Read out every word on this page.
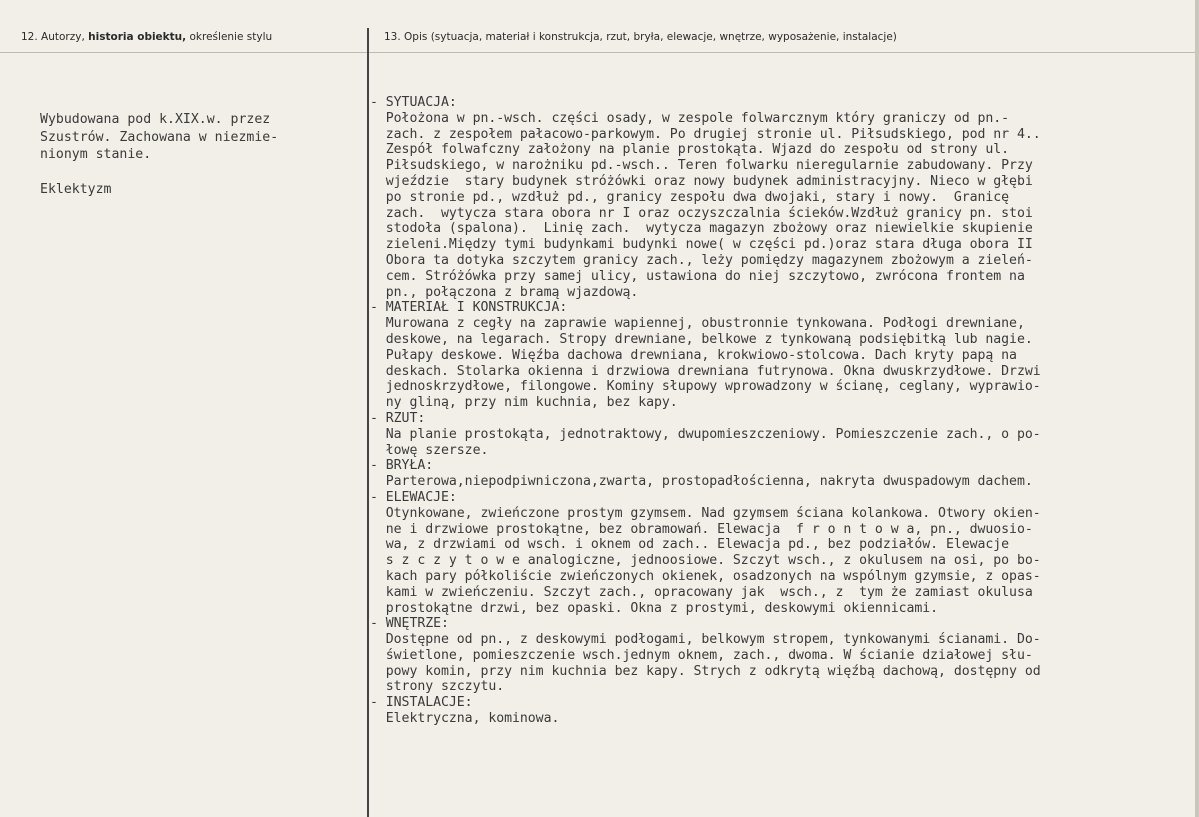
12. Autorzy, historia obiektu, określenie stylu	13. Opis (sytuacja, materiał i konstrukcja, rzut, bryła, elewacje, wnętrze, wyposażenie, instalacje)
Wybudowana pod k.XIX.w. przez
Szustrów. Zachowana w niezmie-
nionym stanie.

Eklektyzm
- SYTUACJA:
Położona w pn.-wsch. części osady, w zespole folwarcznym który graniczy od pn.-
zach. z zespołem pałacowo-parkowym. Po drugiej stronie ul. Piłsudskiego, pod nr 4..
Zespół folwafczny założony na planie prostokąta. Wjazd do zespołu od strony ul.
Piłsudskiego, w narożniku pd.-wsch.. Teren folwarku nieregularnie zabudowany. Przy
wjeździe  stary budynek stróżówki oraz nowy budynek administracyjny. Nieco w głębi
po stronie pd., wzdłuż pd., granicy zespołu dwa dwojaki, stary i nowy.  Granicę
zach.  wytycza stara obora nr I oraz oczyszczalnia ścieków.Wzdłuż granicy pn. stoi
stodoła (spalona).  Linię zach.  wytycza magazyn zbożowy oraz niewielkie skupienie
zieleni.Między tymi budynkami budynki nowe( w części pd.)oraz stara długa obora II
Obora ta dotyka szczytem granicy zach., leży pomiędzy magazynem zbożowym a zieleń-
cem. Stróżówka przy samej ulicy, ustawiona do niej szczytowo, zwrócona frontem na
pn., połączona z bramą wjazdową.
- MATERIAŁ I KONSTRUKCJA:
Murowana z cegły na zaprawie wapiennej, obustronnie tynkowana. Podłogi drewniane,
deskowe, na legarach. Stropy drewniane, belkowe z tynkowaną podsiębitką lub nagie.
Pułapy deskowe. Więźba dachowa drewniana, krokwiowo-stolcowa. Dach kryty papą na
deskach. Stolarka okienna i drzwiowa drewniana futrynowa. Okna dwuskrzydłowe. Drzwi
jednoskrzydłowe, filongowe. Kominy słupowy wprowadzony w ścianę, ceglany, wyprawio-
ny gliną, przy nim kuchnia, bez kapy.
- RZUT:
Na planie prostokąta, jednotraktowy, dwupomieszczeniowy. Pomieszczenie zach., o po-
łowę szersze.
- BRYŁA:
Parterowa,niepodpiwniczona,zwarta, prostopadłościenna, nakryta dwuspadowym dachem.
- ELEWACJE:
Otynkowane, zwieńczone prostym gzymsem. Nad gzymsem ściana kolankowa. Otwory okien-
ne i drzwiowe prostokątne, bez obramowań. Elewacja  f r o n t o w a, pn., dwuosio-
wa, z drzwiami od wsch. i oknem od zach.. Elewacja pd., bez podziałów. Elewacje
s z c z y t o w e analogiczne, jednoosiowe. Szczyt wsch., z okulusem na osi, po bo-
kach pary półkoliście zwieńczonych okienek, osadzonych na wspólnym gzymsie, z opas-
kami w zwieńczeniu. Szczyt zach., opracowany jak  wsch., z  tym że zamiast okulusa
prostokątne drzwi, bez opaski. Okna z prostymi, deskowymi okiennicami.
- WNĘTRZE:
Dostępne od pn., z deskowymi podłogami, belkowym stropem, tynkowanymi ścianami. Do-
świetlone, pomieszczenie wsch.jednym oknem, zach., dwoma. W ścianie działowej słu-
powy komin, przy nim kuchnia bez kapy. Strych z odkrytą więźbą dachową, dostępny od
strony szczytu.
- INSTALACJE:
Elektryczna, kominowa.
